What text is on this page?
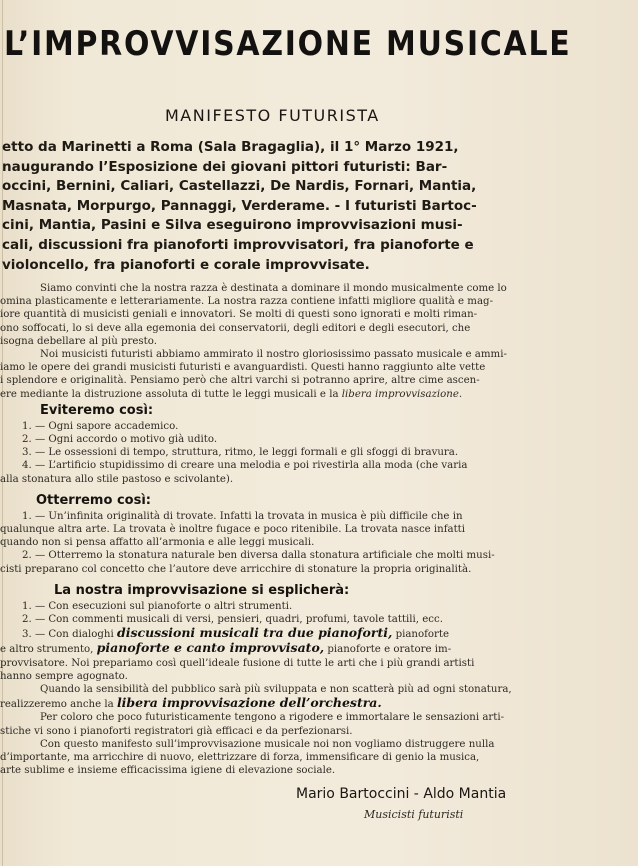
L’IMPROVVISAZIONE MUSICALE
MANIFESTO FUTURISTA
etto da Marinetti a Roma (Sala Bragaglia), il 1° Marzo 1921,
naugurando l’Esposizione dei giovani pittori futuristi: Bar-
occini, Bernini, Caliari, Castellazzi, De Nardis, Fornari, Mantia,
Masnata, Morpurgo, Pannaggi, Verderame. - I futuristi Bartoc-
cini, Mantia, Pasini e Silva eseguirono improvvisazioni musi-
cali, discussioni fra pianoforti improvvisatori, fra pianoforte e
violoncello, fra pianoforti e corale improvvisate.
Siamo convinti che la nostra razza è destinata a dominare il mondo musicalmente come lo
omina plasticamente e letterariamente. La nostra razza contiene infatti migliore qualità e mag-
iore quantità di musicisti geniali e innovatori. Se molti di questi sono ignorati e molti riman-
ono soffocati, lo si deve alla egemonia dei conservatorii, degli editori e degli esecutori, che
isogna debellare al più presto.
Noi musicisti futuristi abbiamo ammirato il nostro gloriosissimo passato musicale e ammi-
iamo le opere dei grandi musicisti futuristi e avanguardisti. Questi hanno raggiunto alte vette
i splendore e originalità. Pensiamo però che altri varchi si potranno aprire, altre cime ascen-
ere mediante la distruzione assoluta di tutte le leggi musicali e la libera improvvisazione.
Eviteremo così:
1. — Ogni sapore accademico.
2. — Ogni accordo o motivo già udito.
3. — Le ossessioni di tempo, struttura, ritmo, le leggi formali e gli sfoggi di bravura.
4. — L’artificio stupidissimo di creare una melodia e poi rivestirla alla moda (che varia
alla stonatura allo stile pastoso e scivolante).
Otterremo così:
1. — Un’infinita originalità di trovate. Infatti la trovata in musica è più difficile che in
qualunque altra arte. La trovata è inoltre fugace e poco ritenibile. La trovata nasce infatti
quando non si pensa affatto all’armonia e alle leggi musicali.
2. — Otterremo la stonatura naturale ben diversa dalla stonatura artificiale che molti musi-
cisti preparano col concetto che l’autore deve arricchire di stonature la propria originalità.
La nostra improvvisazione si esplicherà:
1. — Con esecuzioni sul pianoforte o altri strumenti.
2. — Con commenti musicali di versi, pensieri, quadri, profumi, tavole tattili, ecc.
3. — Con dialoghi discussioni musicali tra due pianoforti, pianoforte
e altro strumento, pianoforte e canto improvvisato, pianoforte e oratore im-
provvisatore. Noi prepariamo così quell’ideale fusione di tutte le arti che i più grandi artisti
hanno sempre agognato.
Quando la sensibilità del pubblico sarà più sviluppata e non scatterà più ad ogni stonatura,
realizzeremo anche la libera improvvisazione dell’orchestra.
Per coloro che poco futuristicamente tengono a rigodere e immortalare le sensazioni arti-
stiche vi sono i pianoforti registratori già efficaci e da perfezionarsi.
Con questo manifesto sull’improvvisazione musicale noi non vogliamo distruggere nulla
d’importante, ma arricchire di nuovo, elettrizzare di forza, immensificare di genio la musica,
arte sublime e insieme efficacissima igiene di elevazione sociale.
Mario Bartoccini - Aldo Mantia
Musicisti futuristi
